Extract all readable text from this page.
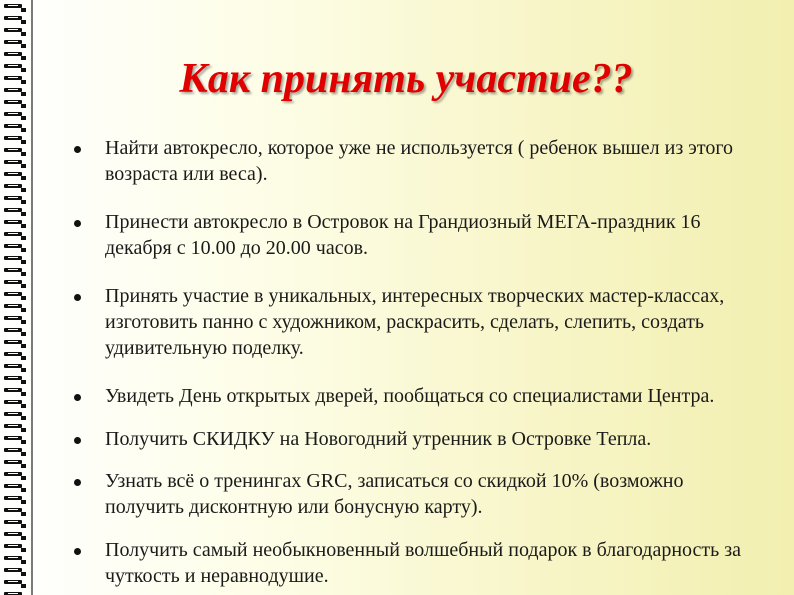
Как принять участие??
Найти автокресло, которое уже не используется ( ребенок вышел из этого возраста или веса).
Принести автокресло в Островок на Грандиозный МЕГА-праздник 16 декабря с 10.00 до 20.00 часов.
Принять участие в уникальных, интересных творческих мастер-классах, изготовить панно с художником, раскрасить, сделать, слепить, создать удивительную поделку.
Увидеть День открытых дверей, пообщаться со специалистами Центра.
Получить СКИДКУ на Новогодний утренник в Островке Тепла.
Узнать всё о тренингах GRC, записаться со скидкой 10% (возможно получить дисконтную или бонусную карту).
Получить самый необыкновенный волшебный подарок в благодарность за чуткость и неравнодушие.
